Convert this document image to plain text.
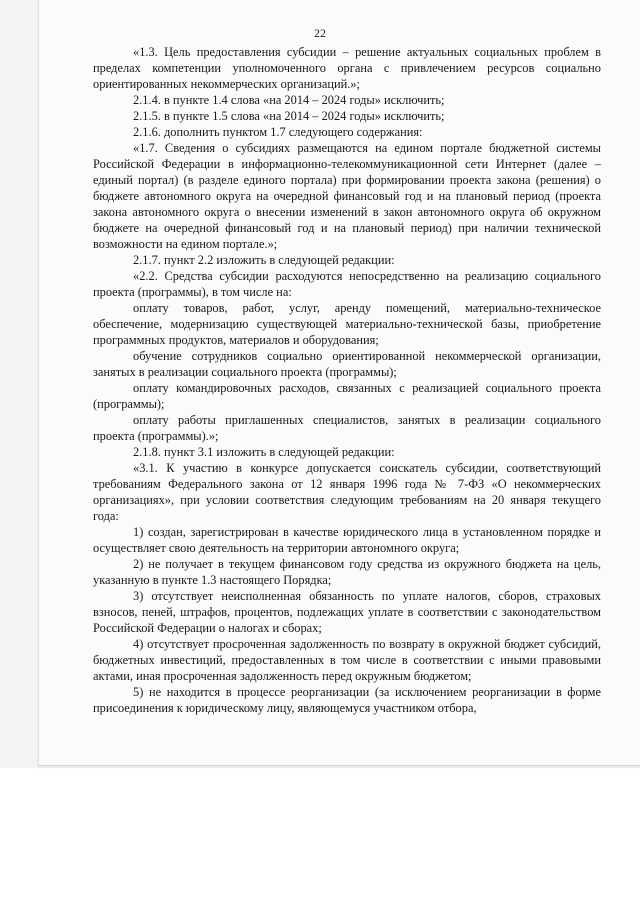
22

«1.3. Цель предоставления субсидии – решение актуальных социальных проблем в пределах компетенции уполномоченного органа с привлечением ресурсов социально ориентированных некоммерческих организаций.»;

2.1.4. в пункте 1.4 слова «на 2014 – 2024 годы» исключить;

2.1.5. в пункте 1.5 слова «на 2014 – 2024 годы» исключить;

2.1.6. дополнить пунктом 1.7 следующего содержания:

«1.7. Сведения о субсидиях размещаются на едином портале бюджетной системы Российской Федерации в информационно-телекоммуникационной сети Интернет (далее – единый портал) (в разделе единого портала) при формировании проекта закона (решения) о бюджете автономного округа на очередной финансовый год и на плановый период (проекта закона автономного округа о внесении изменений в закон автономного округа об окружном бюджете на очередной финансовый год и на плановый период) при наличии технической возможности на едином портале.»;

2.1.7. пункт 2.2 изложить в следующей редакции:

«2.2. Средства субсидии расходуются непосредственно на реализацию социального проекта (программы), в том числе на:

оплату товаров, работ, услуг, аренду помещений, материально-техническое обеспечение, модернизацию существующей материально-технической базы, приобретение программных продуктов, материалов и оборудования;

обучение сотрудников социально ориентированной некоммерческой организации, занятых в реализации социального проекта (программы);

оплату командировочных расходов, связанных с реализацией социального проекта (программы);

оплату работы приглашенных специалистов, занятых в реализации социального проекта (программы).»;

2.1.8. пункт 3.1 изложить в следующей редакции:

«3.1. К участию в конкурсе допускается соискатель субсидии, соответствующий требованиям Федерального закона от 12 января 1996 года № 7-ФЗ «О некоммерческих организациях», при условии соответствия следующим требованиям на 20 января текущего года:

1) создан, зарегистрирован в качестве юридического лица в установленном порядке и осуществляет свою деятельность на территории автономного округа;

2) не получает в текущем финансовом году средства из окружного бюджета на цель, указанную в пункте 1.3 настоящего Порядка;

3) отсутствует неисполненная обязанность по уплате налогов, сборов, страховых взносов, пеней, штрафов, процентов, подлежащих уплате в соответствии с законодательством Российской Федерации о налогах и сборах;

4) отсутствует просроченная задолженность по возврату в окружной бюджет субсидий, бюджетных инвестиций, предоставленных в том числе в соответствии с иными правовыми актами, иная просроченная задолженность перед окружным бюджетом;

5) не находится в процессе реорганизации (за исключением реорганизации в форме присоединения к юридическому лицу, являющемуся участником отбора,
